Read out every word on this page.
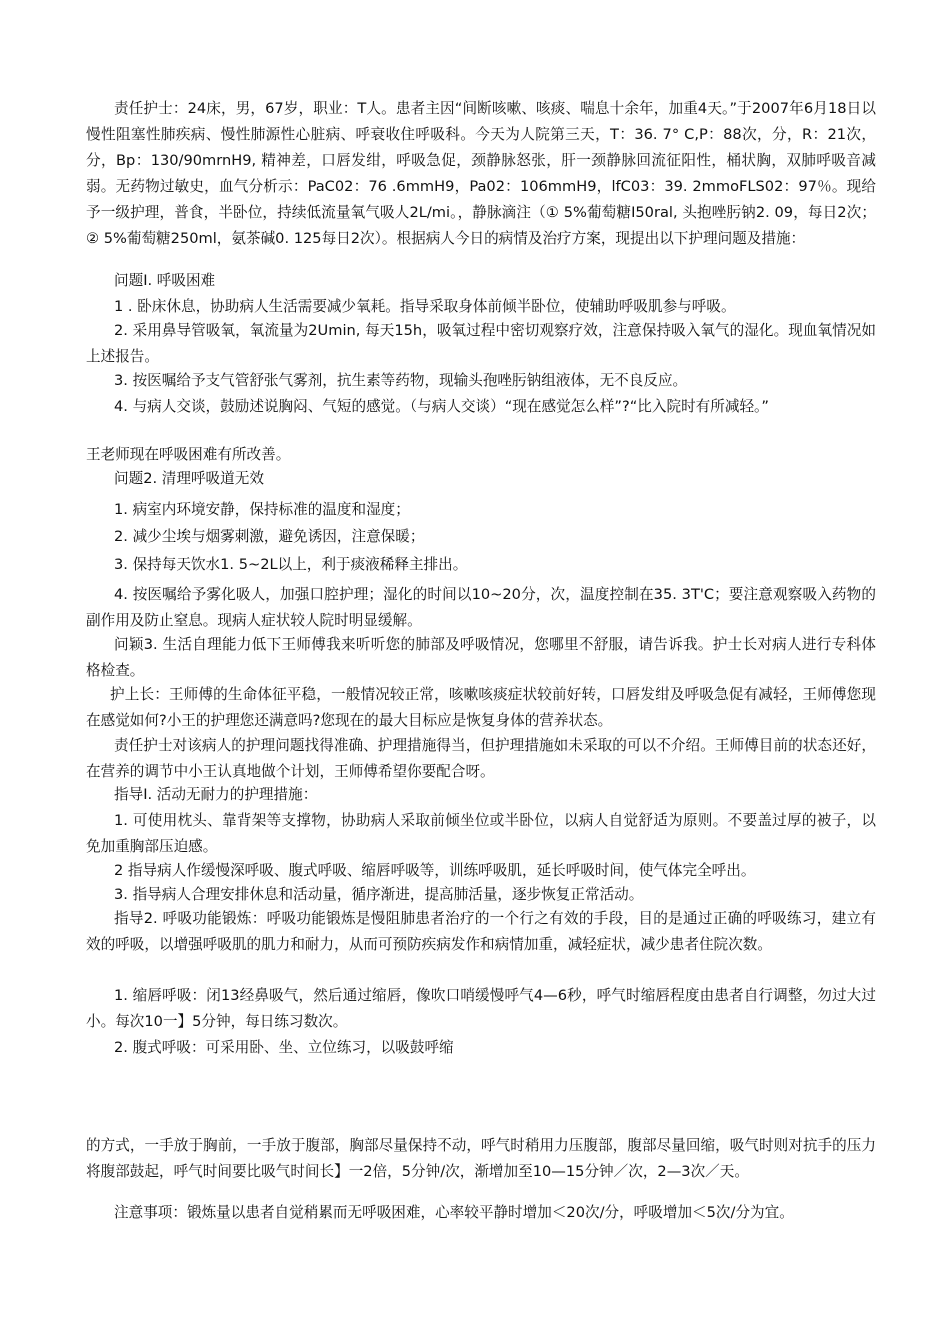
责任护士：24床，男，67岁，职业：T人。患者主因“间断咳嗽、咳痰、喘息十余年，加重4天。”于2007年6月18日以慢性阻塞性肺疾病、慢性肺源性心脏病、呼衰收住呼吸科。今天为人院第三天，T：36. 7° C,P：88次，分，R：21次，分，Bp：130/90mrnH9, 精神差，口唇发绀，呼吸急促，颈静脉怒张，肝一颈静脉回流征阳性，桶状胸，双肺呼吸音减弱。无药物过敏史，血气分析示：PaC02：76 .6mmH9，Pa02：106mmH9，lfC03：39. 2mmoFLS02：97％。现给予一级护理，普食，半卧位，持续低流量氧气吸人2L/mi。，静脉滴注（① 5%葡萄糖I50ral, 头抱唑肟钠2. 09，每日2次；② 5%葡萄糖250ml，氨茶碱0. 125每日2次）。根据病人今日的病情及治疗方案，现提出以下护理问题及措施：

问题I. 呼吸困难

1 . 卧床休息，协助病人生活需要减少氧耗。指导采取身体前倾半卧位，使辅助呼吸肌参与呼吸。

2. 采用鼻导管吸氧，氧流量为2Umin, 每天15h，吸氧过程中密切观察疗效，注意保持吸入氧气的湿化。现血氧情况如上述报告。

3. 按医嘱给予支气管舒张气雾剂，抗生素等药物，现输头孢唑肟钠组液体，无不良反应。

4. 与病人交谈，鼓励述说胸闷、气短的感觉。（与病人交谈）“现在感觉怎么样”?“比入院时有所减轻。”

王老师现在呼吸困难有所改善。

问题2. 清理呼吸道无效

1. 病室内环境安静，保持标准的温度和湿度；

2. 减少尘埃与烟雾刺激，避免诱因，注意保暖；

3. 保持每天饮水1. 5~2L以上，利于痰液稀释主排出。

4. 按医嘱给予雾化吸人，加强口腔护理；湿化的时间以10~20分，次，温度控制在35. 3T'C；要注意观察吸入药物的副作用及防止窒息。现病人症状较人院时明显缓解。

问颖3. 生活自理能力低下王师傅我来听听您的肺部及呼吸情况，您哪里不舒服，请告诉我。护士长对病人进行专科体格检查。

护上长：王师傅的生命体征平稳，一般情况较正常，咳嗽咳痰症状较前好转，口唇发绀及呼吸急促有减轻，王师傅您现在感觉如何?小王的护理您还满意吗?您现在的最大目标应是恢复身体的营养状态。

责任护士对该病人的护理问题找得准确、护理措施得当，但护理措施如未采取的可以不介绍。王师傅目前的状态还好，在营养的调节中小王认真地做个计划，王师傅希望你要配合呀。

指导I. 活动无耐力的护理措施：

1. 可使用枕头、靠背架等支撑物，协助病人采取前倾坐位或半卧位，以病人自觉舒适为原则。不要盖过厚的被子，以免加重胸部压迫感。

2 指导病人作缓慢深呼吸、腹式呼吸、缩唇呼吸等，训练呼吸肌，延长呼吸时间，使气体完全呼出。

3. 指导病人合理安排休息和活动量，循序渐进，提高肺活量，逐步恢复正常活动。

指导2. 呼吸功能锻炼：呼吸功能锻炼是慢阻肺患者治疗的一个行之有效的手段，目的是通过正确的呼吸练习，建立有效的呼吸，以增强呼吸肌的肌力和耐力，从而可预防疾病发作和病情加重，减轻症状，减少患者住院次数。

1. 缩唇呼吸：闭13经鼻吸气，然后通过缩唇，像吹口哨缓慢呼气4—6秒，呼气时缩唇程度由患者自行调整，勿过大过小。每次10一】5分钟，每日练习数次。

2. 腹式呼吸：可采用卧、坐、立位练习，以吸鼓呼缩

的方式，一手放于胸前，一手放于腹部，胸部尽量保持不动，呼气时稍用力压腹部，腹部尽量回缩，吸气时则对抗手的压力将腹部鼓起，呼气时间要比吸气时间长】一2倍，5分钟/次，渐增加至10—15分钟／次，2—3次／天。

注意事项：锻炼量以患者自觉稍累而无呼吸困难，心率较平静时增加＜20次/分，呼吸增加＜5次/分为宜。
